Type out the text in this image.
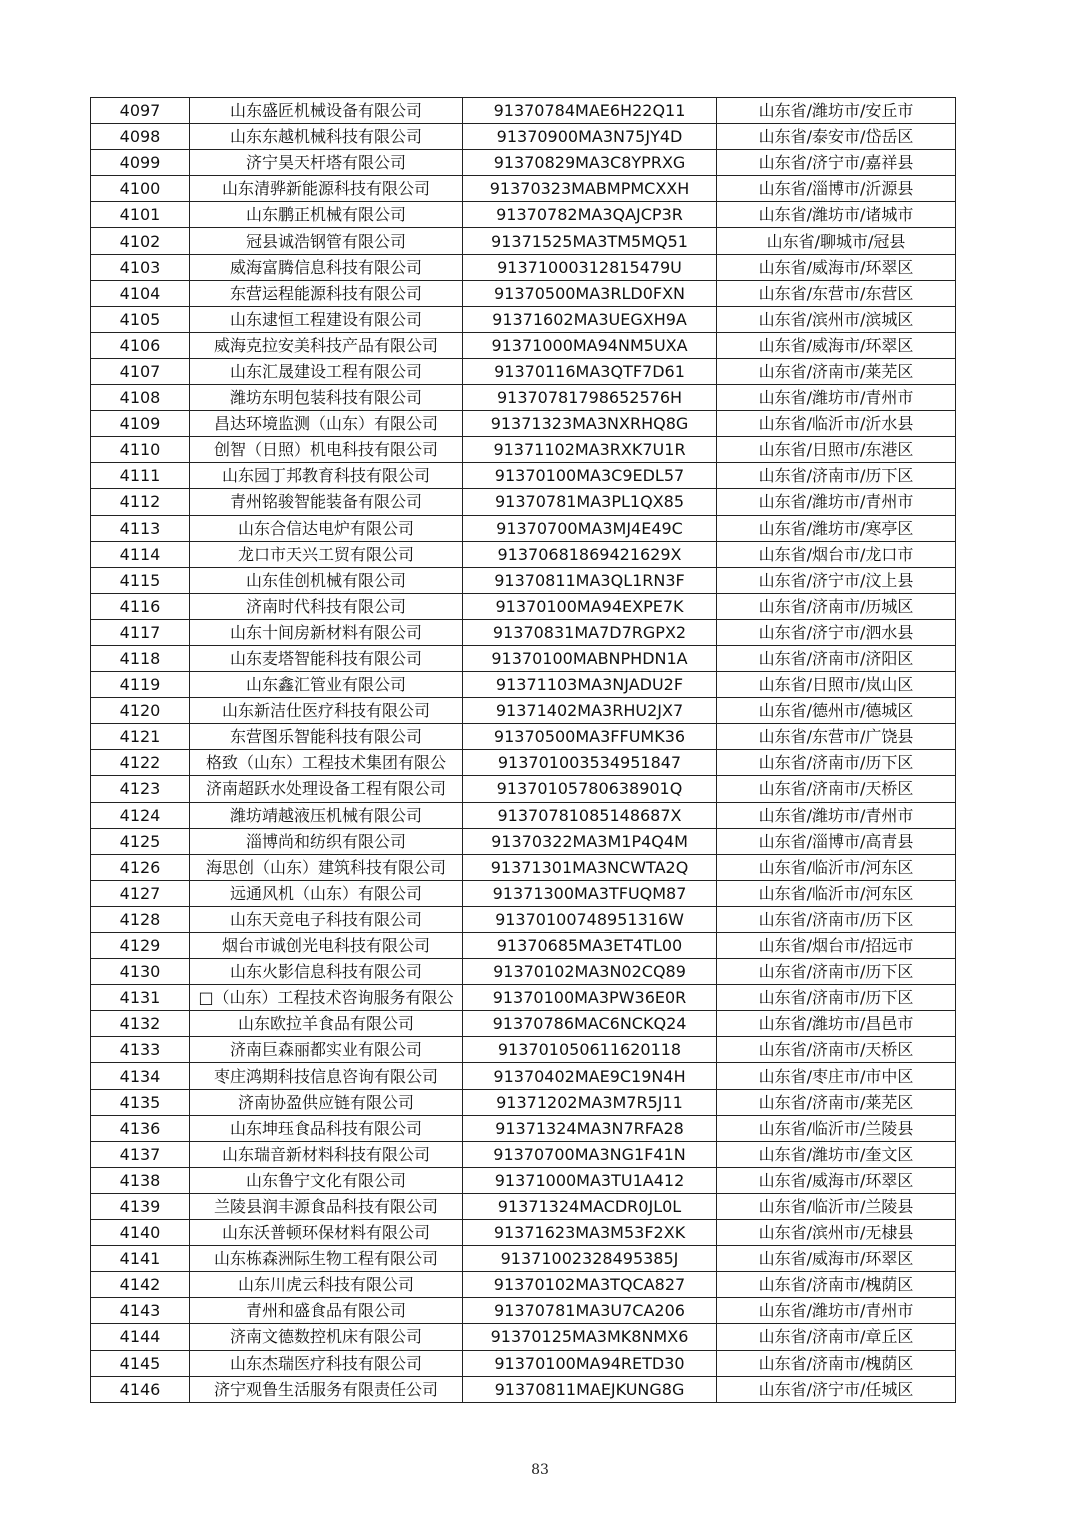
4097	山东盛匠机械设备有限公司	91370784MAE6H22Q11	山东省/潍坊市/安丘市
4098	山东东越机械科技有限公司	91370900MA3N75JY4D	山东省/泰安市/岱岳区
4099	济宁昊天杆塔有限公司	91370829MA3C8YPRXG	山东省/济宁市/嘉祥县
4100	山东清骅新能源科技有限公司	91370323MABMPMCXXH	山东省/淄博市/沂源县
4101	山东鹏正机械有限公司	91370782MA3QAJCP3R	山东省/潍坊市/诸城市
4102	冠县诚浩钢管有限公司	91371525MA3TM5MQ51	山东省/聊城市/冠县
4103	威海富腾信息科技有限公司	91371000312815479U	山东省/威海市/环翠区
4104	东营运程能源科技有限公司	91370500MA3RLD0FXN	山东省/东营市/东营区
4105	山东逮恒工程建设有限公司	91371602MA3UEGXH9A	山东省/滨州市/滨城区
4106	威海克拉安美科技产品有限公司	91371000MA94NM5UXA	山东省/威海市/环翠区
4107	山东汇晟建设工程有限公司	91370116MA3QTF7D61	山东省/济南市/莱芜区
4108	潍坊东明包装科技有限公司	91370781798652576H	山东省/潍坊市/青州市
4109	昌达环境监测（山东）有限公司	91371323MA3NXRHQ8G	山东省/临沂市/沂水县
4110	创智（日照）机电科技有限公司	91371102MA3RXK7U1R	山东省/日照市/东港区
4111	山东园丁邦教育科技有限公司	91370100MA3C9EDL57	山东省/济南市/历下区
4112	青州铭骏智能装备有限公司	91370781MA3PL1QX85	山东省/潍坊市/青州市
4113	山东合信达电炉有限公司	91370700MA3MJ4E49C	山东省/潍坊市/寒亭区
4114	龙口市天兴工贸有限公司	91370681869421629X	山东省/烟台市/龙口市
4115	山东佳创机械有限公司	91370811MA3QL1RN3F	山东省/济宁市/汶上县
4116	济南时代科技有限公司	91370100MA94EXPE7K	山东省/济南市/历城区
4117	山东十间房新材料有限公司	91370831MA7D7RGPX2	山东省/济宁市/泗水县
4118	山东麦塔智能科技有限公司	91370100MABNPHDN1A	山东省/济南市/济阳区
4119	山东鑫汇管业有限公司	91371103MA3NJADU2F	山东省/日照市/岚山区
4120	山东新洁仕医疗科技有限公司	91371402MA3RHU2JX7	山东省/德州市/德城区
4121	东营图乐智能科技有限公司	91370500MA3FFUMK36	山东省/东营市/广饶县
4122	格致（山东）工程技术集团有限公	913701003534951847	山东省/济南市/历下区
4123	济南超跃水处理设备工程有限公司	91370105780638901Q	山东省/济南市/天桥区
4124	潍坊靖越液压机械有限公司	91370781085148687X	山东省/潍坊市/青州市
4125	淄博尚和纺织有限公司	91370322MA3M1P4Q4M	山东省/淄博市/高青县
4126	海思创（山东）建筑科技有限公司	91371301MA3NCWTA2Q	山东省/临沂市/河东区
4127	远通风机（山东）有限公司	91371300MA3TFUQM87	山东省/临沂市/河东区
4128	山东天竞电子科技有限公司	91370100748951316W	山东省/济南市/历下区
4129	烟台市诚创光电科技有限公司	91370685MA3ET4TL00	山东省/烟台市/招远市
4130	山东火影信息科技有限公司	91370102MA3N02CQ89	山东省/济南市/历下区
4131	□（山东）工程技术咨询服务有限公	91370100MA3PW36E0R	山东省/济南市/历下区
4132	山东欧拉羊食品有限公司	91370786MAC6NCKQ24	山东省/潍坊市/昌邑市
4133	济南巨森丽都实业有限公司	913701050611620118	山东省/济南市/天桥区
4134	枣庄鸿期科技信息咨询有限公司	91370402MAE9C19N4H	山东省/枣庄市/市中区
4135	济南协盈供应链有限公司	91371202MA3M7R5J11	山东省/济南市/莱芜区
4136	山东坤珏食品科技有限公司	91371324MA3N7RFA28	山东省/临沂市/兰陵县
4137	山东瑞音新材料科技有限公司	91370700MA3NG1F41N	山东省/潍坊市/奎文区
4138	山东鲁宁文化有限公司	91371000MA3TU1A412	山东省/威海市/环翠区
4139	兰陵县润丰源食品科技有限公司	91371324MACDR0JL0L	山东省/临沂市/兰陵县
4140	山东沃普顿环保材料有限公司	91371623MA3M53F2XK	山东省/滨州市/无棣县
4141	山东栋森洲际生物工程有限公司	91371002328495385J	山东省/威海市/环翠区
4142	山东川虎云科技有限公司	91370102MA3TQCA827	山东省/济南市/槐荫区
4143	青州和盛食品有限公司	91370781MA3U7CA206	山东省/潍坊市/青州市
4144	济南文德数控机床有限公司	91370125MA3MK8NMX6	山东省/济南市/章丘区
4145	山东杰瑞医疗科技有限公司	91370100MA94RETD30	山东省/济南市/槐荫区
4146	济宁观鲁生活服务有限责任公司	91370811MAEJKUNG8G	山东省/济宁市/任城区
83
